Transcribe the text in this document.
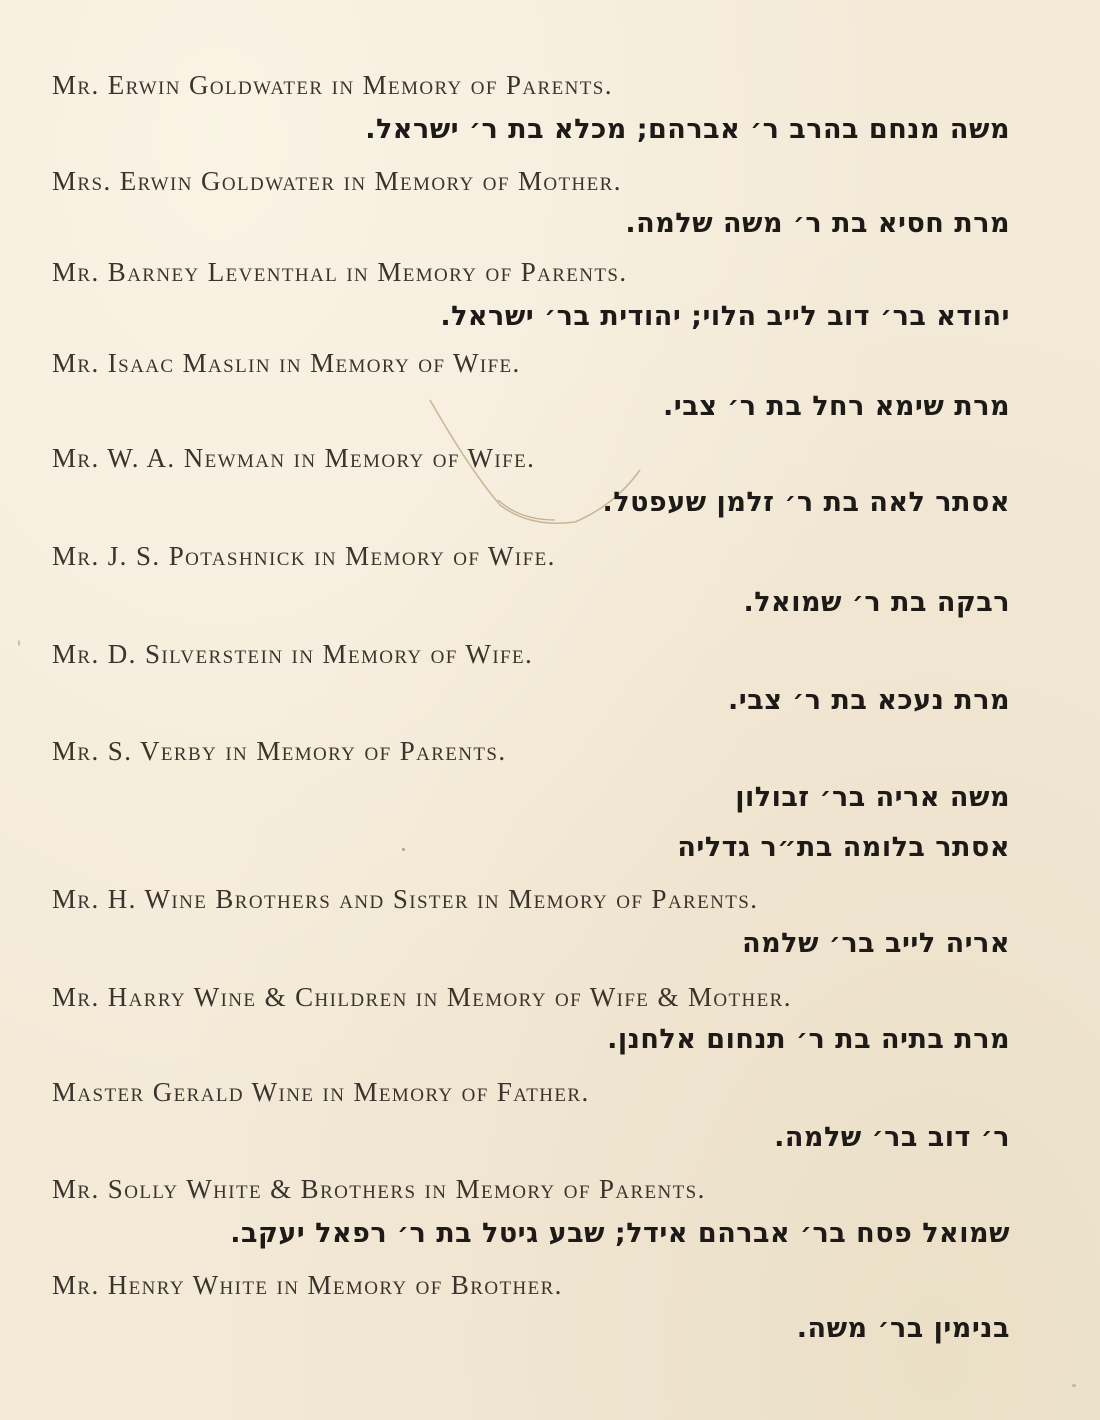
Mr. Erwin Goldwater in Memory of Parents.
משה מנחם בהרב ר׳ אברהם; מכלא בת ר׳ ישראל.
Mrs. Erwin Goldwater in Memory of Mother.
מרת חסיא בת ר׳ משה שלמה.
Mr. Barney Leventhal in Memory of Parents.
יהודא בר׳ דוב לייב הלוי; יהודית בר׳ ישראל.
Mr. Isaac Maslin in Memory of Wife.
מרת שימא רחל בת ר׳ צבי.
Mr. W. A. Newman in Memory of Wife.
אסתר לאה בת ר׳ זלמן שעפטל.
Mr. J. S. Potashnick in Memory of Wife.
רבקה בת ר׳ שמואל.
Mr. D. Silverstein in Memory of Wife.
מרת נעכא בת ר׳ צבי.
Mr. S. Verby in Memory of Parents.
משה אריה בר׳ זבולון
אסתר בלומה בת״ר גדליה
Mr. H. Wine Brothers and Sister in Memory of Parents.
אריה לייב בר׳ שלמה
Mr. Harry Wine & Children in Memory of Wife & Mother.
מרת בתיה בת ר׳ תנחום אלחנן.
Master Gerald Wine in Memory of Father.
ר׳ דוב בר׳ שלמה.
Mr. Solly White & Brothers in Memory of Parents.
שמואל פסח בר׳ אברהם אידל; שבע גיטל בת ר׳ רפאל יעקב.
Mr. Henry White in Memory of Brother.
בנימין בר׳ משה.
